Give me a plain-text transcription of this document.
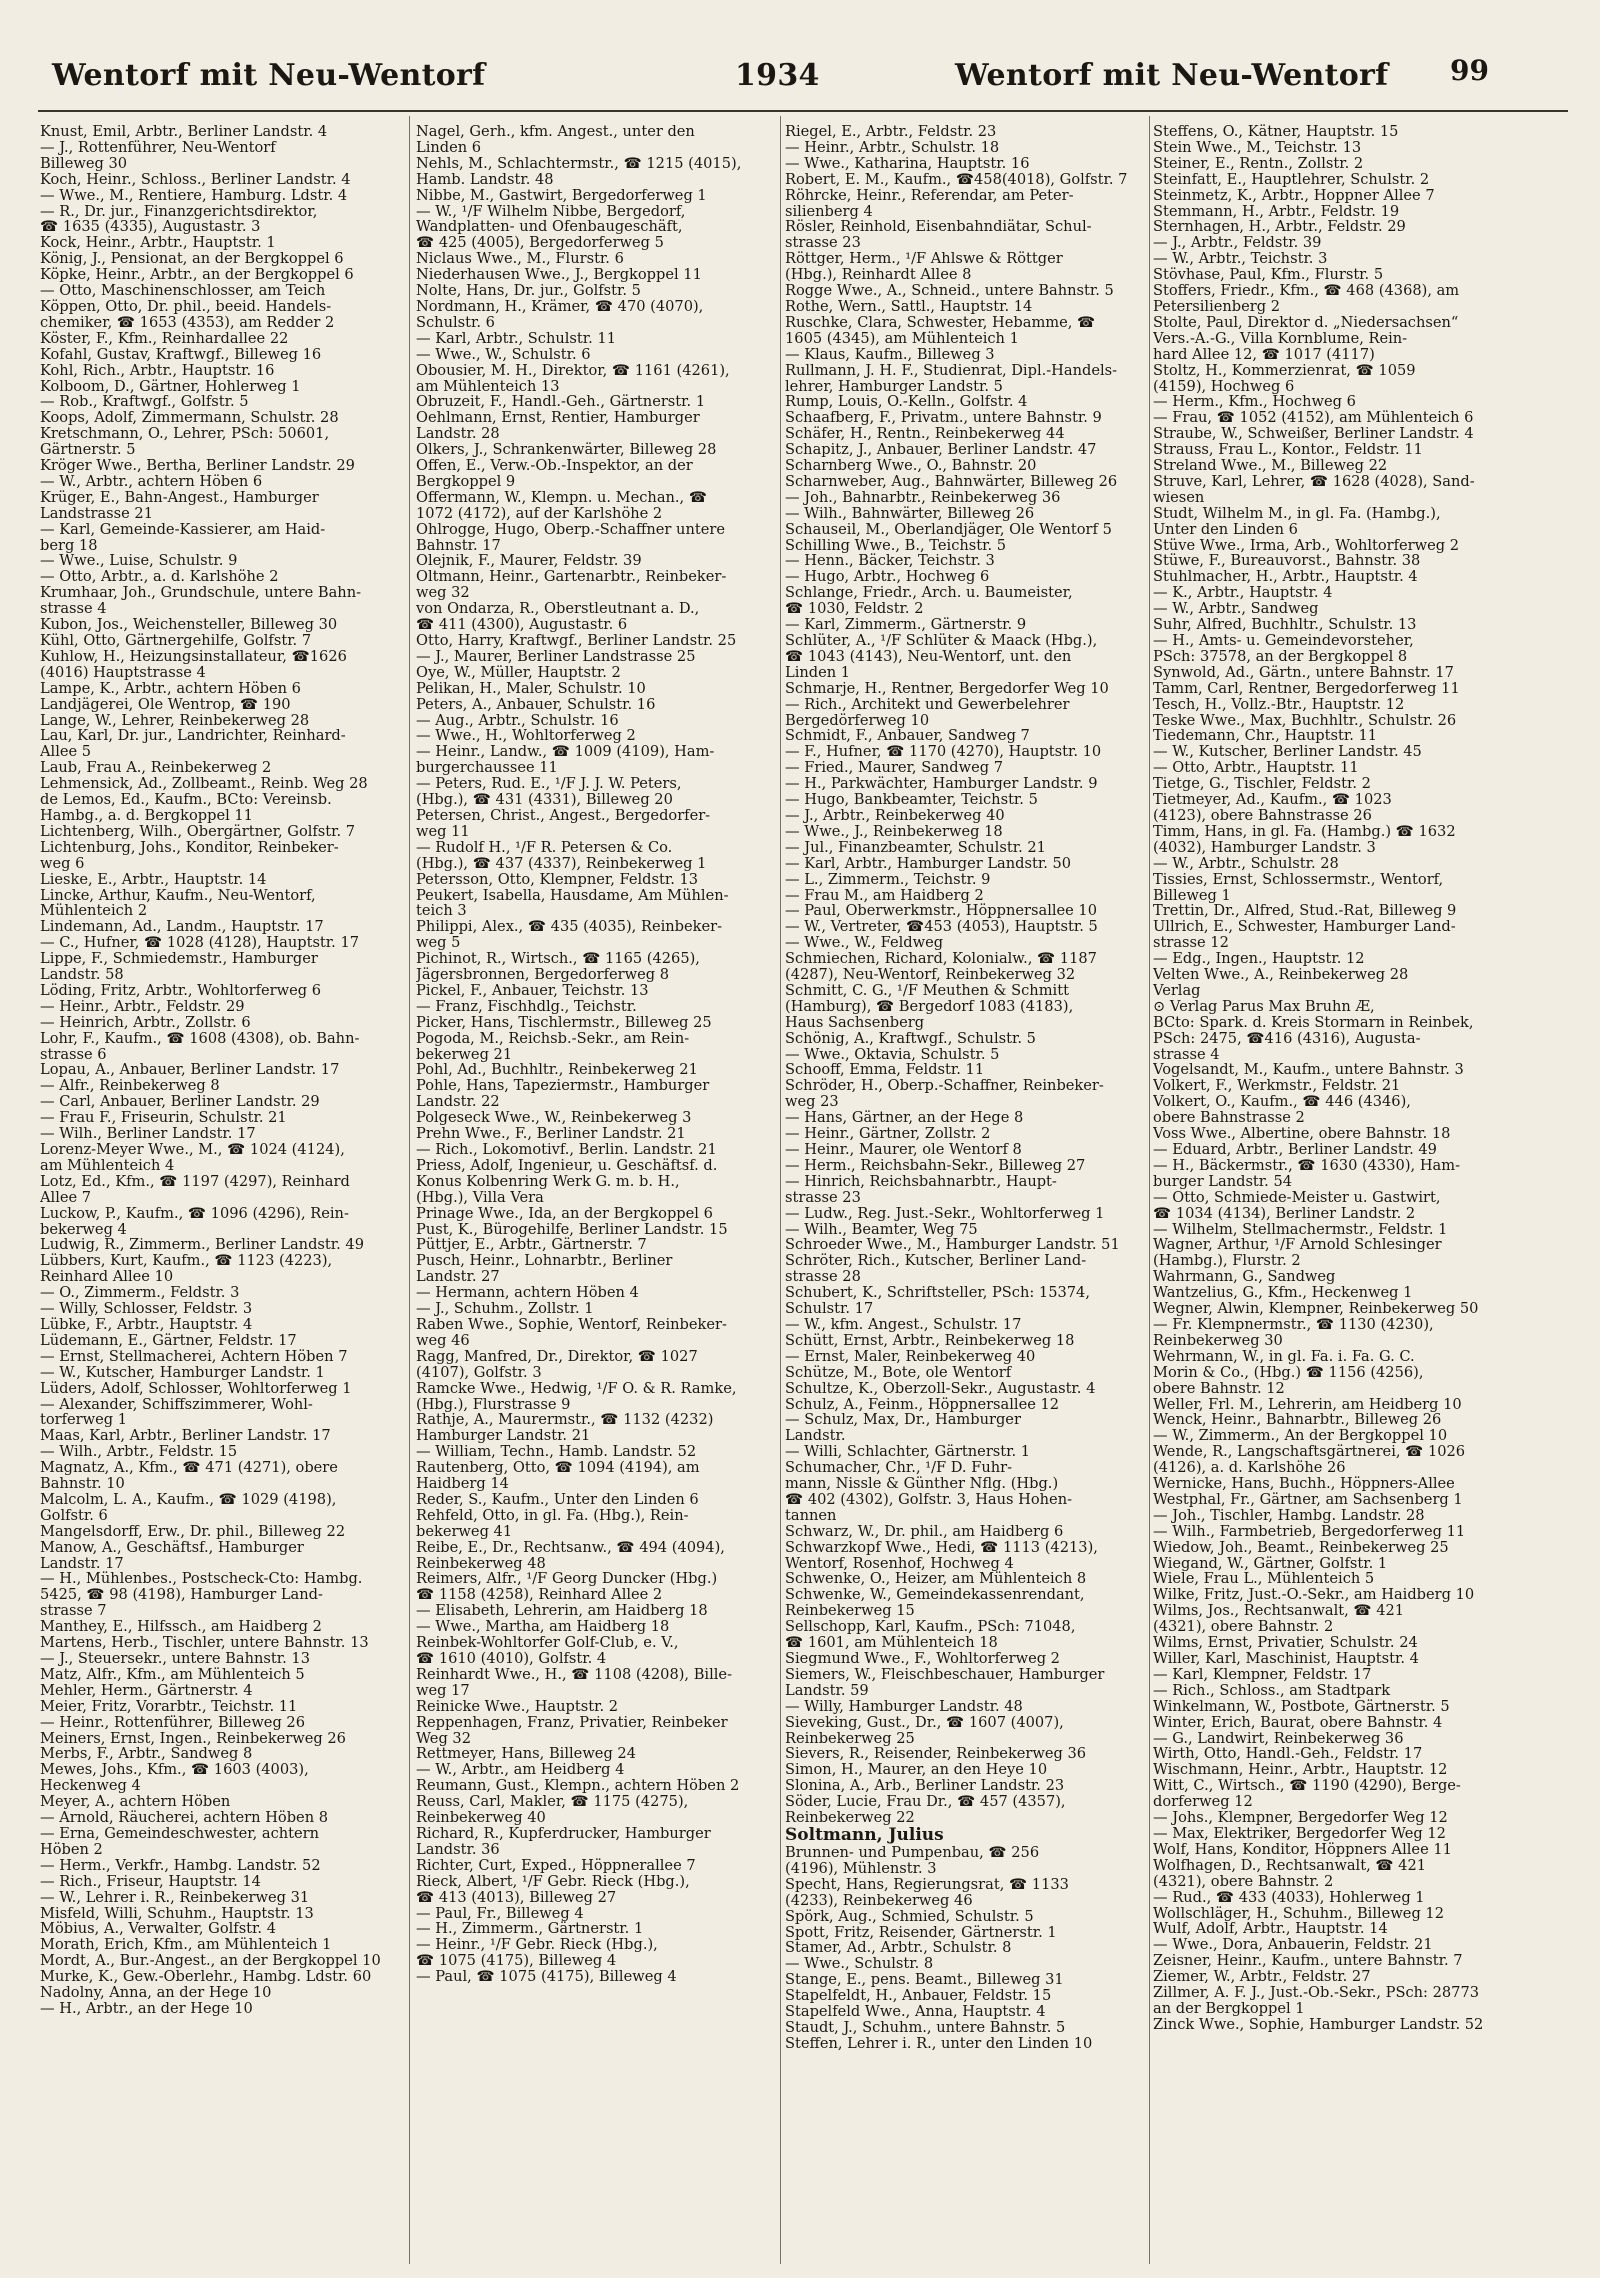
Wentorf mit Neu-Wentorf	1934	Wentorf mit Neu-Wentorf 99
Knust, Emil, Arbtr., Berliner Landstr. 4
— J., Rottenführer, Neu-Wentorf
Billeweg 30
Koch, Heinr., Schloss., Berliner Landstr. 4
— Wwe., M., Rentiere, Hamburg. Ldstr. 4
— R., Dr. jur., Finanzgerichtsdirektor,
☎ 1635 (4335), Augustastr. 3
Kock, Heinr., Arbtr., Hauptstr. 1
König, J., Pensionat, an der Bergkoppel 6
Köpke, Heinr., Arbtr., an der Bergkoppel 6
— Otto, Maschinenschlosser, am Teich
Köppen, Otto, Dr. phil., beeid. Handels-
chemiker, ☎ 1653 (4353), am Redder 2
Köster, F., Kfm., Reinhardallee 22
Kofahl, Gustav, Kraftwgf., Billeweg 16
Kohl, Rich., Arbtr., Hauptstr. 16
Kolboom, D., Gärtner, Hohlerweg 1
— Rob., Kraftwgf., Golfstr. 5
Koops, Adolf, Zimmermann, Schulstr. 28
Kretschmann, O., Lehrer, PSch: 50601,
Gärtnerstr. 5
Kröger Wwe., Bertha, Berliner Landstr. 29
— W., Arbtr., achtern Höben 6
Krüger, E., Bahn-Angest., Hamburger
Landstrasse 21
— Karl, Gemeinde-Kassierer, am Haid-
berg 18
— Wwe., Luise, Schulstr. 9
— Otto, Arbtr., a. d. Karlshöhe 2
Krumhaar, Joh., Grundschule, untere Bahn-
strasse 4
Kubon, Jos., Weichensteller, Billeweg 30
Kühl, Otto, Gärtnergehilfe, Golfstr. 7
Kuhlow, H., Heizungsinstallateur, ☎1626
(4016) Hauptstrasse 4
Lampe, K., Arbtr., achtern Höben 6
Landjägerei, Ole Wentrop, ☎ 190
Lange, W., Lehrer, Reinbekerweg 28
Lau, Karl, Dr. jur., Landrichter, Reinhard-
Allee 5
Laub, Frau A., Reinbekerweg 2
Lehmensick, Ad., Zollbeamt., Reinb. Weg 28
de Lemos, Ed., Kaufm., BCto: Vereinsb.
Hambg., a. d. Bergkoppel 11
Lichtenberg, Wilh., Obergärtner, Golfstr. 7
Lichtenburg, Johs., Konditor, Reinbeker-
weg 6
Lieske, E., Arbtr., Hauptstr. 14
Lincke, Arthur, Kaufm., Neu-Wentorf,
Mühlenteich 2
Lindemann, Ad., Landm., Hauptstr. 17
— C., Hufner, ☎ 1028 (4128), Hauptstr. 17
Lippe, F., Schmiedemstr., Hamburger
Landstr. 58
Löding, Fritz, Arbtr., Wohltorferweg 6
— Heinr., Arbtr., Feldstr. 29
— Heinrich, Arbtr., Zollstr. 6
Lohr, F., Kaufm., ☎ 1608 (4308), ob. Bahn-
strasse 6
Lopau, A., Anbauer, Berliner Landstr. 17
— Alfr., Reinbekerweg 8
— Carl, Anbauer, Berliner Landstr. 29
— Frau F., Friseurin, Schulstr. 21
— Wilh., Berliner Landstr. 17
Lorenz-Meyer Wwe., M., ☎ 1024 (4124),
am Mühlenteich 4
Lotz, Ed., Kfm., ☎ 1197 (4297), Reinhard
Allee 7
Luckow, P., Kaufm., ☎ 1096 (4296), Rein-
bekerweg 4
Ludwig, R., Zimmerm., Berliner Landstr. 49
Lübbers, Kurt, Kaufm., ☎ 1123 (4223),
Reinhard Allee 10
— O., Zimmerm., Feldstr. 3
— Willy, Schlosser, Feldstr. 3
Lübke, F., Arbtr., Hauptstr. 4
Lüdemann, E., Gärtner, Feldstr. 17
— Ernst, Stellmacherei, Achtern Höben 7
— W., Kutscher, Hamburger Landstr. 1
Lüders, Adolf, Schlosser, Wohltorferweg 1
— Alexander, Schiffszimmerer, Wohl-
torferweg 1
Maas, Karl, Arbtr., Berliner Landstr. 17
— Wilh., Arbtr., Feldstr. 15
Magnatz, A., Kfm., ☎ 471 (4271), obere
Bahnstr. 10
Malcolm, L. A., Kaufm., ☎ 1029 (4198),
Golfstr. 6
Mangelsdorff, Erw., Dr. phil., Billeweg 22
Manow, A., Geschäftsf., Hamburger
Landstr. 17
— H., Mühlenbes., Postscheck-Cto: Hambg.
5425, ☎ 98 (4198), Hamburger Land-
strasse 7
Manthey, E., Hilfssch., am Haidberg 2
Martens, Herb., Tischler, untere Bahnstr. 13
— J., Steuersekr., untere Bahnstr. 13
Matz, Alfr., Kfm., am Mühlenteich 5
Mehler, Herm., Gärtnerstr. 4
Meier, Fritz, Vorarbtr., Teichstr. 11
— Heinr., Rottenführer, Billeweg 26
Meiners, Ernst, Ingen., Reinbekerweg 26
Merbs, F., Arbtr., Sandweg 8
Mewes, Johs., Kfm., ☎ 1603 (4003),
Heckenweg 4
Meyer, A., achtern Höben
— Arnold, Räucherei, achtern Höben 8
— Erna, Gemeindeschwester, achtern
Höben 2
— Herm., Verkfr., Hambg. Landstr. 52
— Rich., Friseur, Hauptstr. 14
— W., Lehrer i. R., Reinbekerweg 31
Misfeld, Willi, Schuhm., Hauptstr. 13
Möbius, A., Verwalter, Golfstr. 4
Morath, Erich, Kfm., am Mühlenteich 1
Mordt, A., Bur.-Angest., an der Bergkoppel 10
Murke, K., Gew.-Oberlehr., Hambg. Ldstr. 60
Nadolny, Anna, an der Hege 10
— H., Arbtr., an der Hege 10
Nagel, Gerh., kfm. Angest., unter den
Linden 6
Nehls, M., Schlachtermstr., ☎ 1215 (4015),
Hamb. Landstr. 48
Nibbe, M., Gastwirt, Bergedorferweg 1
— W., ¹/F Wilhelm Nibbe, Bergedorf,
Wandplatten- und Ofenbaugeschäft,
☎ 425 (4005), Bergedorferweg 5
Niclaus Wwe., M., Flurstr. 6
Niederhausen Wwe., J., Bergkoppel 11
Nolte, Hans, Dr. jur., Golfstr. 5
Nordmann, H., Krämer, ☎ 470 (4070),
Schulstr. 6
— Karl, Arbtr., Schulstr. 11
— Wwe., W., Schulstr. 6
Obousier, M. H., Direktor, ☎ 1161 (4261),
am Mühlenteich 13
Obruzeit, F., Handl.-Geh., Gärtnerstr. 1
Oehlmann, Ernst, Rentier, Hamburger
Landstr. 28
Ölkers, J., Schrankenwärter, Billeweg 28
Offen, E., Verw.-Ob.-Inspektor, an der
Bergkoppel 9
Offermann, W., Klempn. u. Mechan., ☎
1072 (4172), auf der Karlshöhe 2
Ohlrogge, Hugo, Oberp.-Schaffner untere
Bahnstr. 17
Olejnik, F., Maurer, Feldstr. 39
Oltmann, Heinr., Gartenarbtr., Reinbeker-
weg 32
von Ondarza, R., Oberstleutnant a. D.,
☎ 411 (4300), Augustastr. 6
Otto, Harry, Kraftwgf., Berliner Landstr. 25
— J., Maurer, Berliner Landstrasse 25
Oye, W., Müller, Hauptstr. 2
Pelikan, H., Maler, Schulstr. 10
Peters, A., Anbauer, Schulstr. 16
— Aug., Arbtr., Schulstr. 16
— Wwe., H., Wohltorferweg 2
— Heinr., Landw., ☎ 1009 (4109), Ham-
burgerchaussee 11
— Peters, Rud. E., ¹/F J. J. W. Peters,
(Hbg.), ☎ 431 (4331), Billeweg 20
Petersen, Christ., Angest., Bergedorfer-
weg 11
— Rudolf H., ¹/F R. Petersen & Co.
(Hbg.), ☎ 437 (4337), Reinbekerweg 1
Petersson, Otto, Klempner, Feldstr. 13
Peukert, Isabella, Hausdame, Am Mühlen-
teich 3
Philippi, Alex., ☎ 435 (4035), Reinbeker-
weg 5
Pichinot, R., Wirtsch., ☎ 1165 (4265),
Jägersbronnen, Bergedorferweg 8
Pickel, F., Anbauer, Teichstr. 13
— Franz, Fischhdlg., Teichstr.
Picker, Hans, Tischlermstr., Billeweg 25
Pogoda, M., Reichsb.-Sekr., am Rein-
bekerweg 21
Pohl, Ad., Buchhltr., Reinbekerweg 21
Pohle, Hans, Tapeziermstr., Hamburger
Landstr. 22
Polgeseck Wwe., W., Reinbekerweg 3
Prehn Wwe., F., Berliner Landstr. 21
— Rich., Lokomotivf., Berlin. Landstr. 21
Priess, Adolf, Ingenieur, u. Geschäftsf. d.
Konus Kolbenring Werk G. m. b. H.,
(Hbg.), Villa Vera
Prinage Wwe., Ida, an der Bergkoppel 6
Pust, K., Bürogehilfe, Berliner Landstr. 15
Püttjer, E., Arbtr., Gärtnerstr. 7
Pusch, Heinr., Lohnarbtr., Berliner
Landstr. 27
— Hermann, achtern Höben 4
— J., Schuhm., Zollstr. 1
Raben Wwe., Sophie, Wentorf, Reinbeker-
weg 46
Ragg, Manfred, Dr., Direktor, ☎ 1027
(4107), Golfstr. 3
Ramcke Wwe., Hedwig, ¹/F O. & R. Ramke,
(Hbg.), Flurstrasse 9
Rathje, A., Maurermstr., ☎ 1132 (4232)
Hamburger Landstr. 21
— William, Techn., Hamb. Landstr. 52
Rautenberg, Otto, ☎ 1094 (4194), am
Haidberg 14
Reder, S., Kaufm., Unter den Linden 6
Rehfeld, Otto, in gl. Fa. (Hbg.), Rein-
bekerweg 41
Reibe, E., Dr., Rechtsanw., ☎ 494 (4094),
Reinbekerweg 48
Reimers, Alfr., ¹/F Georg Duncker (Hbg.)
☎ 1158 (4258), Reinhard Allee 2
— Elisabeth, Lehrerin, am Haidberg 18
— Wwe., Martha, am Haidberg 18
Reinbek-Wohltorfer Golf-Club, e. V.,
☎ 1610 (4010), Golfstr. 4
Reinhardt Wwe., H., ☎ 1108 (4208), Bille-
weg 17
Reinicke Wwe., Hauptstr. 2
Reppenhagen, Franz, Privatier, Reinbeker
Weg 32
Rettmeyer, Hans, Billeweg 24
— W., Arbtr., am Heidberg 4
Reumann, Gust., Klempn., achtern Höben 2
Reuss, Carl, Makler, ☎ 1175 (4275),
Reinbekerweg 40
Richard, R., Kupferdrucker, Hamburger
Landstr. 36
Richter, Curt, Exped., Höppnerallee 7
Rieck, Albert, ¹/F Gebr. Rieck (Hbg.),
☎ 413 (4013), Billeweg 27
— Paul, Fr., Billeweg 4
— H., Zimmerm., Gärtnerstr. 1
— Heinr., ¹/F Gebr. Rieck (Hbg.),
☎ 1075 (4175), Billeweg 4
— Paul, ☎ 1075 (4175), Billeweg 4
Riegel, E., Arbtr., Feldstr. 23
— Heinr., Arbtr., Schulstr. 18
— Wwe., Katharina, Hauptstr. 16
Robert, E. M., Kaufm., ☎458(4018), Golfstr. 7
Röhrcke, Heinr., Referendar, am Peter-
silienberg 4
Rösler, Reinhold, Eisenbahndiätar, Schul-
strasse 23
Röttger, Herm., ¹/F Ahlswe & Röttger
(Hbg.), Reinhardt Allee 8
Rogge Wwe., A., Schneid., untere Bahnstr. 5
Rothe, Wern., Sattl., Hauptstr. 14
Ruschke, Clara, Schwester, Hebamme, ☎
1605 (4345), am Mühlenteich 1
— Klaus, Kaufm., Billeweg 3
Rullmann, J. H. F., Studienrat, Dipl.-Handels-
lehrer, Hamburger Landstr. 5
Rump, Louis, O.-Kelln., Golfstr. 4
Schaafberg, F., Privatm., untere Bahnstr. 9
Schäfer, H., Rentn., Reinbekerweg 44
Schapitz, J., Anbauer, Berliner Landstr. 47
Scharnberg Wwe., O., Bahnstr. 20
Scharnweber, Aug., Bahnwärter, Billeweg 26
— Joh., Bahnarbtr., Reinbekerweg 36
— Wilh., Bahnwärter, Billeweg 26
Schauseil, M., Oberlandjäger, Ole Wentorf 5
Schilling Wwe., B., Teichstr. 5
— Henn., Bäcker, Teichstr. 3
— Hugo, Arbtr., Hochweg 6
Schlange, Friedr., Arch. u. Baumeister,
☎ 1030, Feldstr. 2
— Karl, Zimmerm., Gärtnerstr. 9
Schlüter, A., ¹/F Schlüter & Maack (Hbg.),
☎ 1043 (4143), Neu-Wentorf, unt. den
Linden 1
Schmarje, H., Rentner, Bergedorfer Weg 10
— Rich., Architekt und Gewerbelehrer
Bergedörferweg 10
Schmidt, F., Anbauer, Sandweg 7
— F., Hufner, ☎ 1170 (4270), Hauptstr. 10
— Fried., Maurer, Sandweg 7
— H., Parkwächter, Hamburger Landstr. 9
— Hugo, Bankbeamter, Teichstr. 5
— J., Arbtr., Reinbekerweg 40
— Wwe., J., Reinbekerweg 18
— Jul., Finanzbeamter, Schulstr. 21
— Karl, Arbtr., Hamburger Landstr. 50
— L., Zimmerm., Teichstr. 9
— Frau M., am Haidberg 2
— Paul, Oberwerkmstr., Höppnersallee 10
— W., Vertreter, ☎453 (4053), Hauptstr. 5
— Wwe., W., Feldweg
Schmiechen, Richard, Kolonialw., ☎ 1187
(4287), Neu-Wentorf, Reinbekerweg 32
Schmitt, C. G., ¹/F Meuthen & Schmitt
(Hamburg), ☎ Bergedorf 1083 (4183),
Haus Sachsenberg
Schönig, A., Kraftwgf., Schulstr. 5
— Wwe., Oktavia, Schulstr. 5
Schooff, Emma, Feldstr. 11
Schröder, H., Oberp.-Schaffner, Reinbeker-
weg 23
— Hans, Gärtner, an der Hege 8
— Heinr., Gärtner, Zollstr. 2
— Heinr., Maurer, ole Wentorf 8
— Herm., Reichsbahn-Sekr., Billeweg 27
— Hinrich, Reichsbahnarbtr., Haupt-
strasse 23
— Ludw., Reg. Just.-Sekr., Wohltorferweg 1
— Wilh., Beamter, Weg 75
Schroeder Wwe., M., Hamburger Landstr. 51
Schröter, Rich., Kutscher, Berliner Land-
strasse 28
Schubert, K., Schriftsteller, PSch: 15374,
Schulstr. 17
— W., kfm. Angest., Schulstr. 17
Schütt, Ernst, Arbtr., Reinbekerweg 18
— Ernst, Maler, Reinbekerweg 40
Schütze, M., Bote, ole Wentorf
Schultze, K., Oberzoll-Sekr., Augustastr. 4
Schulz, A., Feinm., Höppnersallee 12
— Schulz, Max, Dr., Hamburger
Landstr.
— Willi, Schlachter, Gärtnerstr. 1
Schumacher, Chr., ¹/F D. Fuhr-
mann, Nissle & Günther Nflg. (Hbg.)
☎ 402 (4302), Golfstr. 3, Haus Hohen-
tannen
Schwarz, W., Dr. phil., am Haidberg 6
Schwarzkopf Wwe., Hedi, ☎ 1113 (4213),
Wentorf, Rosenhof, Hochweg 4
Schwenke, O., Heizer, am Mühlenteich 8
Schwenke, W., Gemeindekassenrendant,
Reinbekerweg 15
Sellschopp, Karl, Kaufm., PSch: 71048,
☎ 1601, am Mühlenteich 18
Siegmund Wwe., F., Wohltorferweg 2
Siemers, W., Fleischbeschauer, Hamburger
Landstr. 59
— Willy, Hamburger Landstr. 48
Sieveking, Gust., Dr., ☎ 1607 (4007),
Reinbekerweg 25
Sievers, R., Reisender, Reinbekerweg 36
Simon, H., Maurer, an den Heye 10
Slonina, A., Arb., Berliner Landstr. 23
Söder, Lucie, Frau Dr., ☎ 457 (4357),
Reinbekerweg 22
Soltmann, Julius
Brunnen- und Pumpenbau, ☎ 256
(4196), Mühlenstr. 3
Specht, Hans, Regierungsrat, ☎ 1133
(4233), Reinbekerweg 46
Spörk, Aug., Schmied, Schulstr. 5
Spott, Fritz, Reisender, Gärtnerstr. 1
Stamer, Ad., Arbtr., Schulstr. 8
— Wwe., Schulstr. 8
Stange, E., pens. Beamt., Billeweg 31
Stapelfeldt, H., Anbauer, Feldstr. 15
Stapelfeld Wwe., Anna, Hauptstr. 4
Staudt, J., Schuhm., untere Bahnstr. 5
Steffen, Lehrer i. R., unter den Linden 10
Steffens, O., Kätner, Hauptstr. 15
Stein Wwe., M., Teichstr. 13
Steiner, E., Rentn., Zollstr. 2
Steinfatt, E., Hauptlehrer, Schulstr. 2
Steinmetz, K., Arbtr., Hoppner Allee 7
Stemmann, H., Arbtr., Feldstr. 19
Sternhagen, H., Arbtr., Feldstr. 29
— J., Arbtr., Feldstr. 39
— W., Arbtr., Teichstr. 3
Stövhase, Paul, Kfm., Flurstr. 5
Stoffers, Friedr., Kfm., ☎ 468 (4368), am
Petersilienberg 2
Stolte, Paul, Direktor d. „Niedersachsen“
Vers.-A.-G., Villa Kornblume, Rein-
hard Allee 12, ☎ 1017 (4117)
Stoltz, H., Kommerzienrat, ☎ 1059
(4159), Hochweg 6
— Herm., Kfm., Hochweg 6
— Frau, ☎ 1052 (4152), am Mühlenteich 6
Straube, W., Schweißer, Berliner Landstr. 4
Strauss, Frau L., Kontor., Feldstr. 11
Streland Wwe., M., Billeweg 22
Struve, Karl, Lehrer, ☎ 1628 (4028), Sand-
wiesen
Studt, Wilhelm M., in gl. Fa. (Hambg.),
Unter den Linden 6
Stüve Wwe., Irma, Arb., Wohltorferweg 2
Stüwe, F., Bureauvorst., Bahnstr. 38
Stuhlmacher, H., Arbtr., Hauptstr. 4
— K., Arbtr., Hauptstr. 4
— W., Arbtr., Sandweg
Suhr, Alfred, Buchhltr., Schulstr. 13
— H., Amts- u. Gemeindevorsteher,
PSch: 37578, an der Bergkoppel 8
Synwold, Ad., Gärtn., untere Bahnstr. 17
Tamm, Carl, Rentner, Bergedorferweg 11
Tesch, H., Vollz.-Btr., Hauptstr. 12
Teske Wwe., Max, Buchhltr., Schulstr. 26
Tiedemann, Chr., Hauptstr. 11
— W., Kutscher, Berliner Landstr. 45
— Otto, Arbtr., Hauptstr. 11
Tietge, G., Tischler, Feldstr. 2
Tietmeyer, Ad., Kaufm., ☎ 1023
(4123), obere Bahnstrasse 26
Timm, Hans, in gl. Fa. (Hambg.) ☎ 1632
(4032), Hamburger Landstr. 3
— W., Arbtr., Schulstr. 28
Tissies, Ernst, Schlossermstr., Wentorf,
Billeweg 1
Trettin, Dr., Alfred, Stud.-Rat, Billeweg 9
Ullrich, E., Schwester, Hamburger Land-
strasse 12
— Edg., Ingen., Hauptstr. 12
Velten Wwe., A., Reinbekerweg 28
Verlag
⊙ Verlag Parus Max Bruhn Æ,
BCto: Spark. d. Kreis Stormarn in Reinbek,
PSch: 2475, ☎416 (4316), Augusta-
strasse 4
Vogelsandt, M., Kaufm., untere Bahnstr. 3
Volkert, F., Werkmstr., Feldstr. 21
Volkert, O., Kaufm., ☎ 446 (4346),
obere Bahnstrasse 2
Voss Wwe., Albertine, obere Bahnstr. 18
— Eduard, Arbtr., Berliner Landstr. 49
— H., Bäckermstr., ☎ 1630 (4330), Ham-
burger Landstr. 54
— Otto, Schmiede-Meister u. Gastwirt,
☎ 1034 (4134), Berliner Landstr. 2
— Wilhelm, Stellmachermstr., Feldstr. 1
Wagner, Arthur, ¹/F Arnold Schlesinger
(Hambg.), Flurstr. 2
Wahrmann, G., Sandweg
Wantzelius, G., Kfm., Heckenweg 1
Wegner, Alwin, Klempner, Reinbekerweg 50
— Fr. Klempnermstr., ☎ 1130 (4230),
Reinbekerweg 30
Wehrmann, W., in gl. Fa. i. Fa. G. C.
Morin & Co., (Hbg.) ☎ 1156 (4256),
obere Bahnstr. 12
Weller, Frl. M., Lehrerin, am Heidberg 10
Wenck, Heinr., Bahnarbtr., Billeweg 26
— W., Zimmerm., An der Bergkoppel 10
Wende, R., Langschaftsgärtnerei, ☎ 1026
(4126), a. d. Karlshöhe 26
Wernicke, Hans, Buchh., Höppners-Allee
Westphal, Fr., Gärtner, am Sachsenberg 1
— Joh., Tischler, Hambg. Landstr. 28
— Wilh., Farmbetrieb, Bergedorferweg 11
Wiedow, Joh., Beamt., Reinbekerweg 25
Wiegand, W., Gärtner, Golfstr. 1
Wiele, Frau L., Mühlenteich 5
Wilke, Fritz, Just.-O.-Sekr., am Haidberg 10
Wilms, Jos., Rechtsanwalt, ☎ 421
(4321), obere Bahnstr. 2
Wilms, Ernst, Privatier, Schulstr. 24
Willer, Karl, Maschinist, Hauptstr. 4
— Karl, Klempner, Feldstr. 17
— Rich., Schloss., am Stadtpark
Winkelmann, W., Postbote, Gärtnerstr. 5
Winter, Erich, Baurat, obere Bahnstr. 4
— G., Landwirt, Reinbekerweg 36
Wirth, Otto, Handl.-Geh., Feldstr. 17
Wischmann, Heinr., Arbtr., Hauptstr. 12
Witt, C., Wirtsch., ☎ 1190 (4290), Berge-
dorferweg 12
— Johs., Klempner, Bergedorfer Weg 12
— Max, Elektriker, Bergedorfer Weg 12
Wolf, Hans, Konditor, Höppners Allee 11
Wolfhagen, D., Rechtsanwalt, ☎ 421
(4321), obere Bahnstr. 2
— Rud., ☎ 433 (4033), Hohlerweg 1
Wollschläger, H., Schuhm., Billeweg 12
Wulf, Adolf, Arbtr., Hauptstr. 14
— Wwe., Dora, Anbauerin, Feldstr. 21
Zeisner, Heinr., Kaufm., untere Bahnstr. 7
Ziemer, W., Arbtr., Feldstr. 27
Zillmer, A. F. J., Just.-Ob.-Sekr., PSch: 28773
an der Bergkoppel 1
Zinck Wwe., Sophie, Hamburger Landstr. 52
